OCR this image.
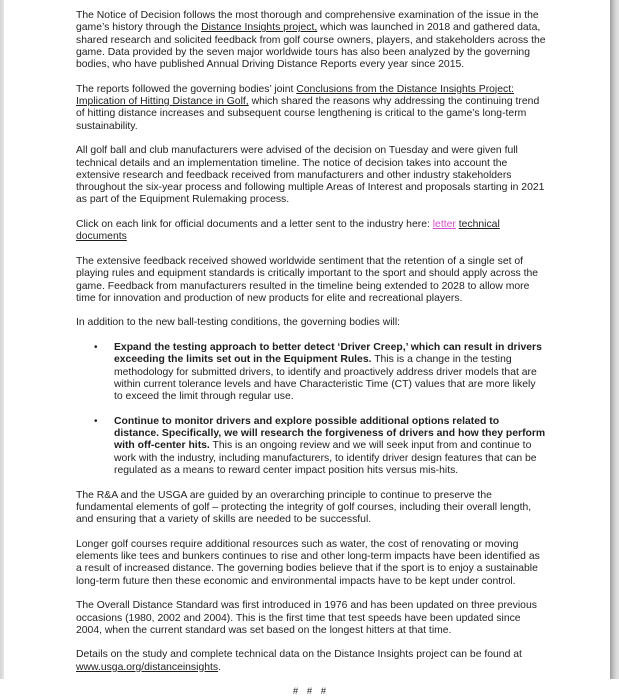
The Notice of Decision follows the most thorough and comprehensive examination of the issue in the game’s history through the Distance Insights project, which was launched in 2018 and gathered data, shared research and solicited feedback from golf course owners, players, and stakeholders across the game. Data provided by the seven major worldwide tours has also been analyzed by the governing bodies, who have published Annual Driving Distance Reports every year since 2015.

The reports followed the governing bodies’ joint Conclusions from the Distance Insights Project: Implication of Hitting Distance in Golf, which shared the reasons why addressing the continuing trend of hitting distance increases and subsequent course lengthening is critical to the game’s long-term sustainability.

All golf ball and club manufacturers were advised of the decision on Tuesday and were given full technical details and an implementation timeline. The notice of decision takes into account the extensive research and feedback received from manufacturers and other industry stakeholders throughout the six-year process and following multiple Areas of Interest and proposals starting in 2021 as part of the Equipment Rulemaking process.

Click on each link for official documents and a letter sent to the industry here: letter technical documents

The extensive feedback received showed worldwide sentiment that the retention of a single set of playing rules and equipment standards is critically important to the sport and should apply across the game. Feedback from manufacturers resulted in the timeline being extended to 2028 to allow more time for innovation and production of new products for elite and recreational players.

In addition to the new ball-testing conditions, the governing bodies will:

• Expand the testing approach to better detect ‘Driver Creep,’ which can result in drivers exceeding the limits set out in the Equipment Rules. This is a change in the testing methodology for submitted drivers, to identify and proactively address driver models that are within current tolerance levels and have Characteristic Time (CT) values that are more likely to exceed the limit through regular use.
• Continue to monitor drivers and explore possible additional options related to distance. Specifically, we will research the forgiveness of drivers and how they perform with off-center hits. This is an ongoing review and we will seek input from and continue to work with the industry, including manufacturers, to identify driver design features that can be regulated as a means to reward center impact position hits versus mis-hits.

The R&A and the USGA are guided by an overarching principle to continue to preserve the fundamental elements of golf – protecting the integrity of golf courses, including their overall length, and ensuring that a variety of skills are needed to be successful.

Longer golf courses require additional resources such as water, the cost of renovating or moving elements like tees and bunkers continues to rise and other long-term impacts have been identified as a result of increased distance. The governing bodies believe that if the sport is to enjoy a sustainable long-term future then these economic and environmental impacts have to be kept under control.

The Overall Distance Standard was first introduced in 1976 and has been updated on three previous occasions (1980, 2002 and 2004). This is the first time that test speeds have been updated since 2004, when the current standard was set based on the longest hitters at that time.

Details on the study and complete technical data on the Distance Insights project can be found at www.usga.org/distanceinsights.

# # #
